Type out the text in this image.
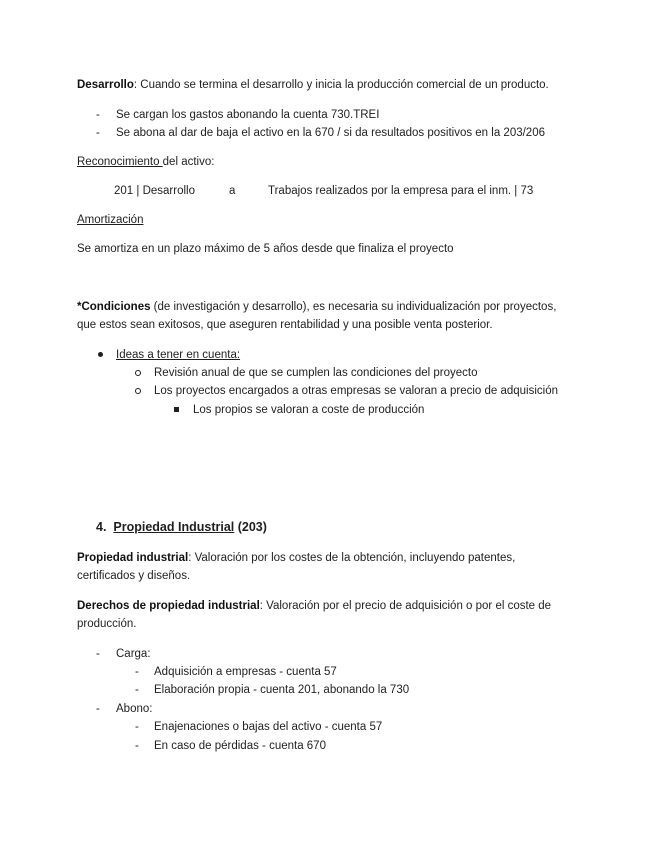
Desarrollo: Cuando se termina el desarrollo y inicia la producción comercial de un producto.

- Se cargan los gastos abonando la cuenta 730.TREI
- Se abona al dar de baja el activo en la 670 / si da resultados positivos en la 203/206

Reconocimiento del activo:

201 | Desarrollo	a	Trabajos realizados por la empresa para el inm. | 73

Amortización

Se amortiza en un plazo máximo de 5 años desde que finaliza el proyecto

*Condiciones (de investigación y desarrollo), es necesaria su individualización por proyectos,

que estos sean exitosos, que aseguren rentabilidad y una posible venta posterior.

Ideas a tener en cuenta:
Revisión anual de que se cumplen las condiciones del proyecto
Los proyectos encargados a otras empresas se valoran a precio de adquisición
Los propios se valoran a coste de producción
4. Propiedad Industrial (203)

Propiedad industrial: Valoración por los costes de la obtención, incluyendo patentes,

certificados y diseños.

Derechos de propiedad industrial: Valoración por el precio de adquisición o por el coste de

producción.

- Carga:
- Adquisición a empresas - cuenta 57
- Elaboración propia - cuenta 201, abonando la 730
- Abono:
- Enajenaciones o bajas del activo - cuenta 57
- En caso de pérdidas - cuenta 670
